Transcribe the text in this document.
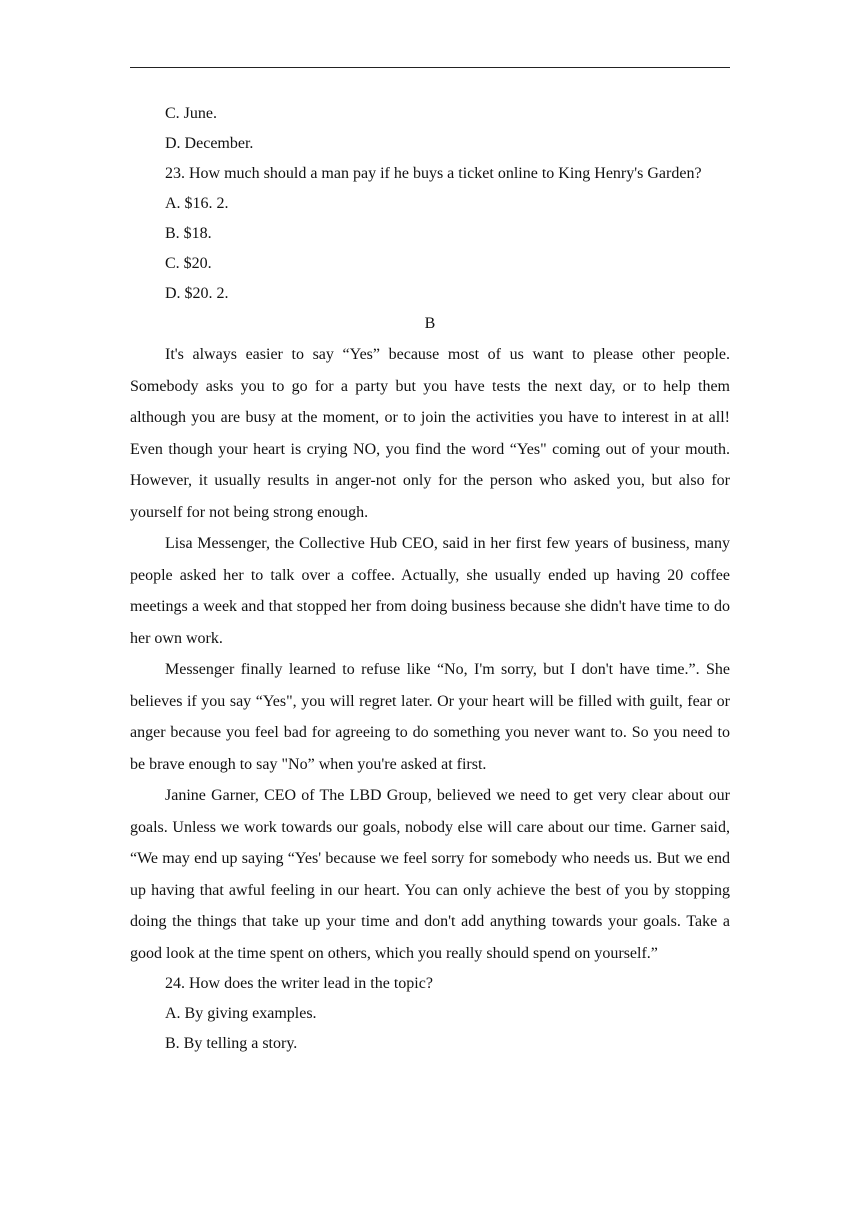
C. June.

D. December.

23. How much should a man pay if he buys a ticket online to King Henry's Garden?

A. $16. 2.

B. $18.

C. $20.

D. $20. 2.

B

It's always easier to say “Yes” because most of us want to please other people. Somebody asks you to go for a party but you have tests the next day, or to help them although you are busy at the moment, or to join the activities you have to interest in at all! Even though your heart is crying NO, you find the word “Yes" coming out of your mouth. However, it usually results in anger-not only for the person who asked you, but also for yourself for not being strong enough.

Lisa Messenger, the Collective Hub CEO, said in her first few years of business, many people asked her to talk over a coffee. Actually, she usually ended up having 20 coffee meetings a week and that stopped her from doing business because she didn't have time to do her own work.

Messenger finally learned to refuse like “No, I'm sorry, but I don't have time.”. She believes if you say “Yes", you will regret later. Or your heart will be filled with guilt, fear or anger because you feel bad for agreeing to do something you never want to. So you need to be brave enough to say "No” when you're asked at first.

Janine Garner, CEO of The LBD Group, believed we need to get very clear about our goals. Unless we work towards our goals, nobody else will care about our time. Garner said, “We may end up saying “Yes' because we feel sorry for somebody who needs us. But we end up having that awful feeling in our heart. You can only achieve the best of you by stopping doing the things that take up your time and don't add anything towards your goals. Take a good look at the time spent on others, which you really should spend on yourself.”

24. How does the writer lead in the topic?

A. By giving examples.

B. By telling a story.
